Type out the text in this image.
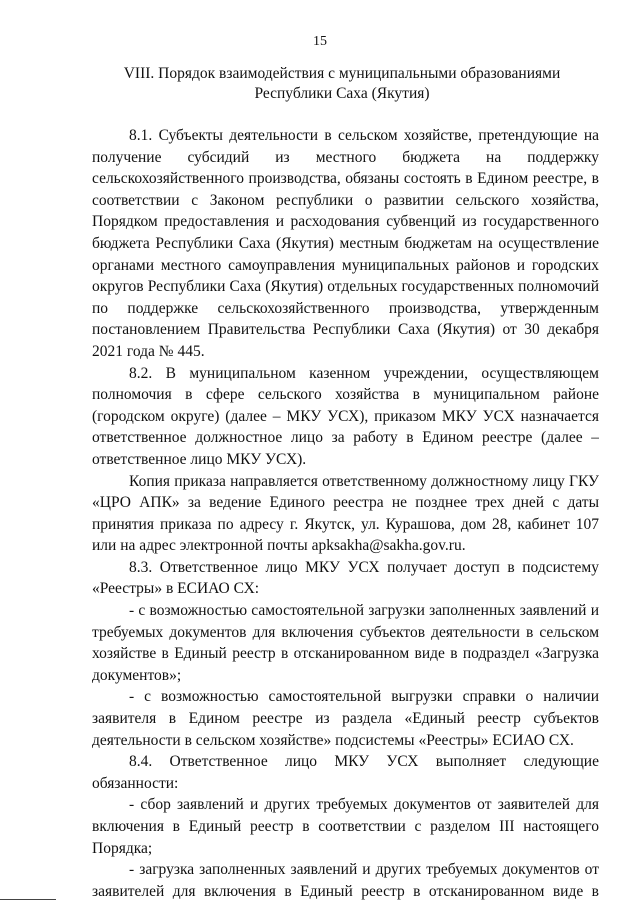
15
VIII. Порядок взаимодействия с муниципальными образованиями
Республики Саха (Якутия)
8.1. Субъекты деятельности в сельском хозяйстве, претендующие на
получение субсидий из местного бюджета на поддержку
сельскохозяйственного производства, обязаны состоять в Едином реестре, в
соответствии с Законом республики о развитии сельского хозяйства,
Порядком предоставления и расходования субвенций из государственного
бюджета Республики Саха (Якутия) местным бюджетам на осуществление
органами местного самоуправления муниципальных районов и городских
округов Республики Саха (Якутия) отдельных государственных полномочий
по поддержке сельскохозяйственного производства, утвержденным
постановлением Правительства Республики Саха (Якутия) от 30 декабря
2021 года № 445.
8.2. В муниципальном казенном учреждении, осуществляющем
полномочия в сфере сельского хозяйства в муниципальном районе
(городском округе) (далее – МКУ УСХ), приказом МКУ УСХ назначается
ответственное должностное лицо за работу в Едином реестре (далее –
ответственное лицо МКУ УСХ).
Копия приказа направляется ответственному должностному лицу ГКУ
«ЦРО АПК» за ведение Единого реестра не позднее трех дней с даты
принятия приказа по адресу г. Якутск, ул. Курашова, дом 28, кабинет 107
или на адрес электронной почты apksakha@sakha.gov.ru.
8.3. Ответственное лицо МКУ УСХ получает доступ в подсистему
«Реестры» в ЕСИАО СХ:
- с возможностью самостоятельной загрузки заполненных заявлений и
требуемых документов для включения субъектов деятельности в сельском
хозяйстве в Единый реестр в отсканированном виде в подраздел «Загрузка
документов»;
- с возможностью самостоятельной выгрузки справки о наличии
заявителя в Едином реестре из раздела «Единый реестр субъектов
деятельности в сельском хозяйстве» подсистемы «Реестры» ЕСИАО СХ.
8.4. Ответственное лицо МКУ УСХ выполняет следующие
обязанности:
- сбор заявлений и других требуемых документов от заявителей для
включения в Единый реестр в соответствии с разделом III настоящего
Порядка;
- загрузка заполненных заявлений и других требуемых документов от
заявителей для включения в Единый реестр в отсканированном виде в
